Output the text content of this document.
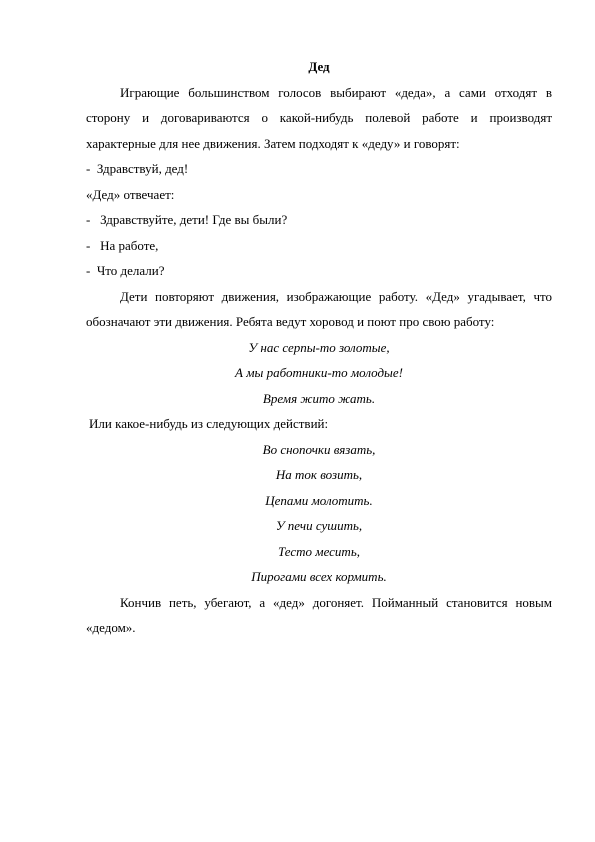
Дед

Играющие большинством голосов выбирают «деда», а сами отходят в сторону и договариваются о какой-нибудь полевой работе и производят характерные для нее движения. Затем подходят к «деду» и говорят:

-  Здравствуй, дед!

«Дед» отвечает:

-   Здравствуйте, дети! Где вы были?

-   На работе,

-  Что делали?

Дети повторяют движения, изображающие работу. «Дед» угадывает, что обозначают эти движения. Ребята ведут хоровод и поют про свою работу:

У нас серпы-то золотые,

А мы работники-то молодые!

Время жито жать.

Или какое-нибудь из следующих действий:

Во снопочки вязать,

На ток возить,

Цепами молотить.

У печи сушить,

Тесто месить,

Пирогами всех кормить.

Кончив петь, убегают, а «дед» догоняет. Пойманный становится новым «дедом».
